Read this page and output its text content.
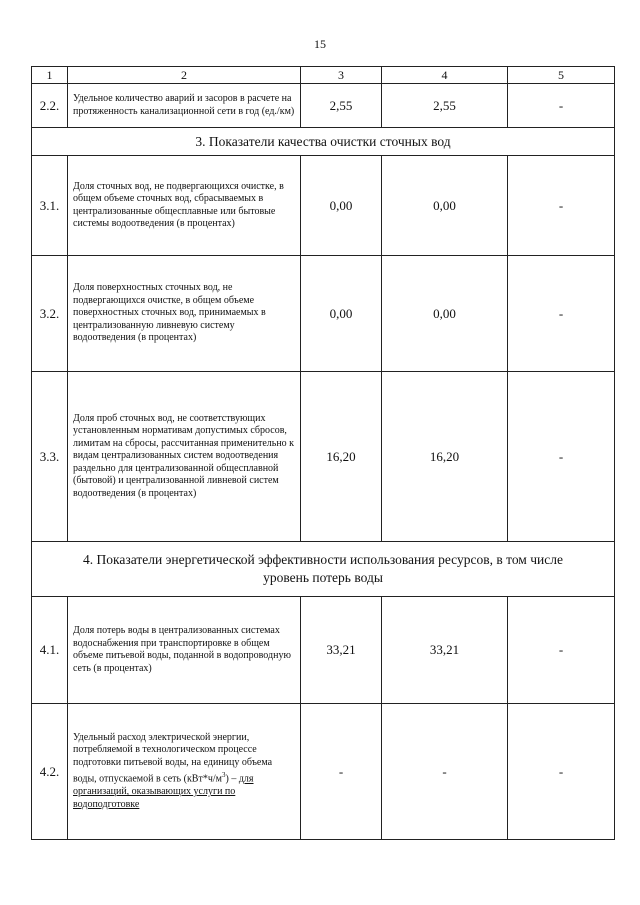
15
1	2	3	4	5
2.2.	Удельное количество аварий и засоров в расчете на протяженность канализационной сети в год (ед./км)	2,55	2,55	-
3. Показатели качества очистки сточных вод				
3.1.	Доля сточных вод, не подвергающихся очистке, в общем объеме сточных вод, сбрасываемых в централизованные общесплавные или бытовые системы водоотведения (в процентах)	0,00	0,00	-
3.2.	Доля поверхностных сточных вод, не подвергающихся очистке, в общем объеме поверхностных сточных вод, принимаемых в централизованную ливневую систему водоотведения (в процентах)	0,00	0,00	-
3.3.	Доля проб сточных вод, не соответствующих установленным нормативам допустимых сбросов, лимитам на сбросы, рассчитанная применительно к видам централизованных систем водоотведения раздельно для централизованной общесплавной (бытовой) и централизованной ливневой систем водоотведения (в процентах)	16,20	16,20	-
4. Показатели энергетической эффективности использования ресурсов, в том числе уровень потерь воды				
4.1.	Доля потерь воды в централизованных системах водоснабжения при транспортировке в общем объеме питьевой воды, поданной в водопроводную сеть (в процентах)	33,21	33,21	-
4.2.	Удельный расход электрической энергии, потребляемой в технологическом процессе подготовки питьевой воды, на единицу объема воды, отпускаемой в сеть $(кВт*ч/м^3)$ – для организаций, оказывающих услуги по водоподготовке	-	-	-
